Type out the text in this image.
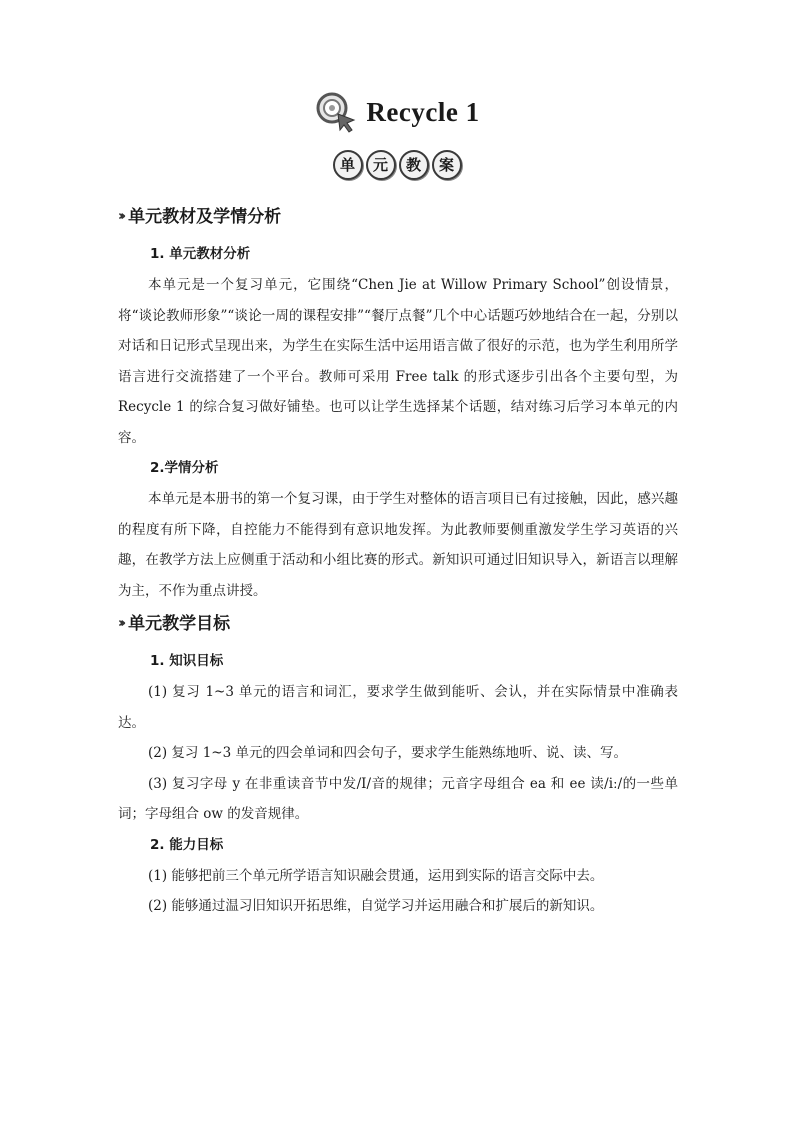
Recycle 1
单	元	教	案
››› 单元教材及学情分析
1. 单元教材分析

本单元是一个复习单元，它围绕“Chen Jie at Willow Primary School”创设情景，将“谈论教师形象”“谈论一周的课程安排”“餐厅点餐”几个中心话题巧妙地结合在一起，分别以对话和日记形式呈现出来，为学生在实际生活中运用语言做了很好的示范，也为学生利用所学语言进行交流搭建了一个平台。教师可采用 Free talk 的形式逐步引出各个主要句型，为 Recycle 1 的综合复习做好铺垫。也可以让学生选择某个话题，结对练习后学习本单元的内容。

2.学情分析

本单元是本册书的第一个复习课，由于学生对整体的语言项目已有过接触，因此，感兴趣的程度有所下降，自控能力不能得到有意识地发挥。为此教师要侧重激发学生学习英语的兴趣，在教学方法上应侧重于活动和小组比赛的形式。新知识可通过旧知识导入，新语言以理解为主，不作为重点讲授。

››› 单元教学目标
1. 知识目标

(1) 复习 1~3 单元的语言和词汇，要求学生做到能听、会认，并在实际情景中准确表达。

(2) 复习 1~3 单元的四会单词和四会句子，要求学生能熟练地听、说、读、写。

(3) 复习字母 y 在非重读音节中发/I/音的规律；元音字母组合 ea 和 ee 读/iː/的一些单词；字母组合 ow 的发音规律。

2. 能力目标

(1) 能够把前三个单元所学语言知识融会贯通，运用到实际的语言交际中去。

(2) 能够通过温习旧知识开拓思维，自觉学习并运用融合和扩展后的新知识。
